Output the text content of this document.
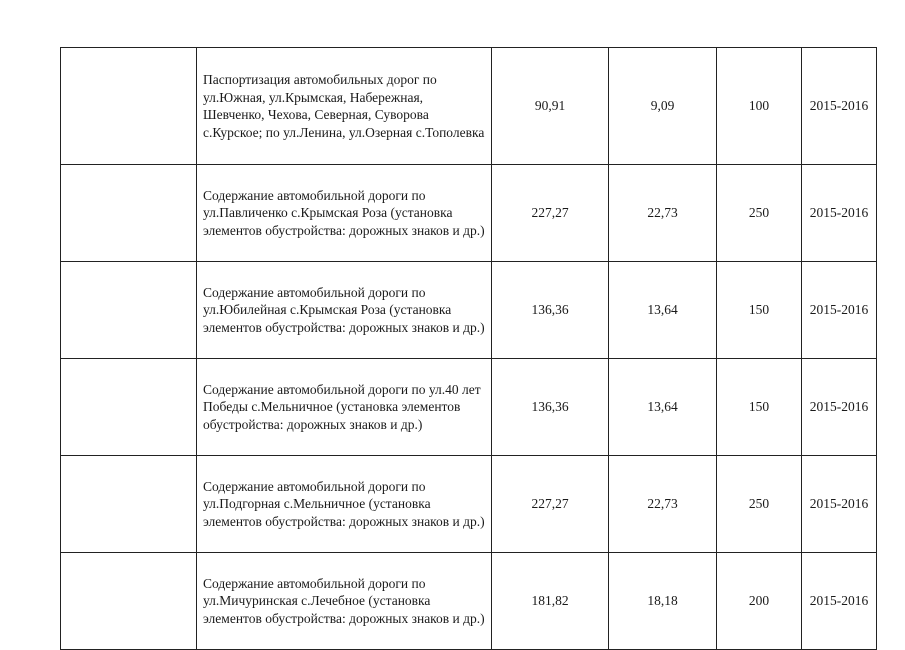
	Паспортизация автомобильных дорог по ул.Южная, ул.Крымская, Набережная, Шевченко, Чехова, Северная, Суворова с.Курское; по ул.Ленина, ул.Озерная с.Тополевка	90,91	9,09	100	2015-2016
	Содержание автомобильной дороги по ул.Павличенко с.Крымская Роза (установка элементов обустройства: дорожных знаков и др.)	227,27	22,73	250	2015-2016
	Содержание автомобильной дороги по ул.Юбилейная с.Крымская Роза (установка элементов обустройства: дорожных знаков и др.)	136,36	13,64	150	2015-2016
	Содержание автомобильной дороги по ул.40 лет Победы с.Мельничное (установка элементов обустройства: дорожных знаков и др.)	136,36	13,64	150	2015-2016
	Содержание автомобильной дороги по ул.Подгорная с.Мельничное (установка элементов обустройства: дорожных знаков и др.)	227,27	22,73	250	2015-2016
	Содержание автомобильной дороги по ул.Мичуринская с.Лечебное (установка элементов обустройства: дорожных знаков и др.)	181,82	18,18	200	2015-2016
